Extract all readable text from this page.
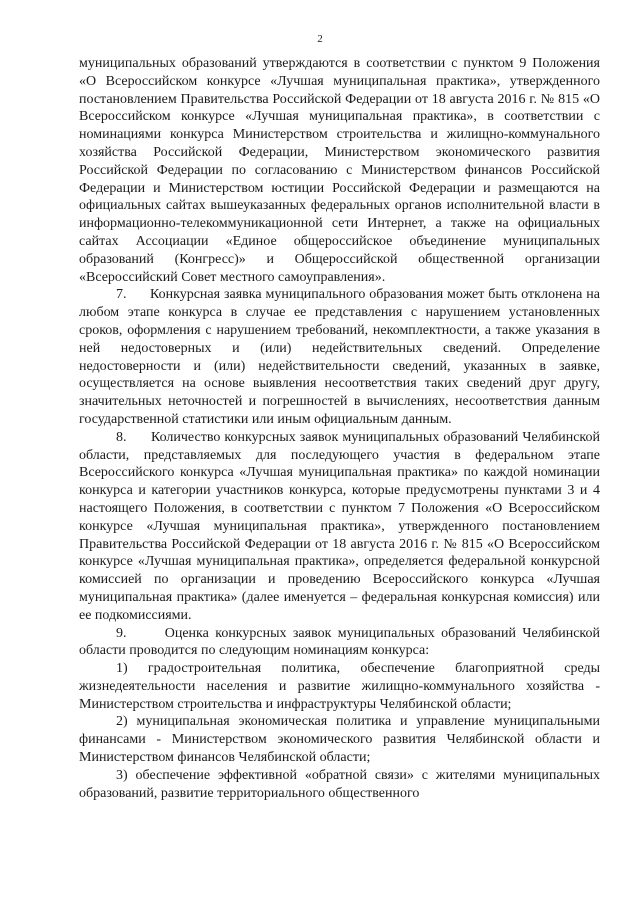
2

муниципальных образований утверждаются в соответствии с пунктом 9 Положения «О Всероссийском конкурсе «Лучшая муниципальная практика», утвержденного постановлением Правительства Российской Федерации от 18 августа 2016 г. № 815 «О Всероссийском конкурсе «Лучшая муниципальная практика», в соответствии с номинациями конкурса Министерством строительства и жилищно-коммунального хозяйства Российской Федерации, Министерством экономического развития Российской Федерации по согласованию с Министерством финансов Российской Федерации и Министерством юстиции Российской Федерации и размещаются на официальных сайтах вышеуказанных федеральных органов исполнительной власти в информационно-телекоммуникационной сети Интернет, а также на официальных сайтах Ассоциации «Единое общероссийское объединение муниципальных образований (Конгресс)» и Общероссийской общественной организации «Всероссийский Совет местного самоуправления».

7.      Конкурсная заявка муниципального образования может быть отклонена на любом этапе конкурса в случае ее представления с нарушением установленных сроков, оформления с нарушением требований, некомплектности, а также указания в ней недостоверных и (или) недействительных сведений. Определение недостоверности и (или) недействительности сведений, указанных в заявке, осуществляется на основе выявления несоответствия таких сведений друг другу, значительных неточностей и погрешностей в вычислениях, несоответствия данным государственной статистики или иным официальным данным.

8.      Количество конкурсных заявок муниципальных образований Челябинской области, представляемых для последующего участия в федеральном этапе Всероссийского конкурса «Лучшая муниципальная практика» по каждой номинации конкурса и категории участников конкурса, которые предусмотрены пунктами 3 и 4 настоящего Положения, в соответствии с пунктом 7 Положения «О Всероссийском конкурсе «Лучшая муниципальная практика», утвержденного постановлением Правительства Российской Федерации от 18 августа 2016 г. № 815 «О Всероссийском конкурсе «Лучшая муниципальная практика», определяется федеральной конкурсной комиссией по организации и проведению Всероссийского конкурса «Лучшая муниципальная практика» (далее именуется – федеральная конкурсная комиссия) или ее подкомиссиями.

9.      Оценка конкурсных заявок муниципальных образований Челябинской области проводится по следующим номинациям конкурса:

1) градостроительная политика, обеспечение благоприятной среды жизнедеятельности населения и развитие жилищно-коммунального хозяйства - Министерством строительства и инфраструктуры Челябинской области;

2) муниципальная экономическая политика и управление муниципальными финансами - Министерством экономического развития Челябинской области и Министерством финансов Челябинской области;

3) обеспечение эффективной «обратной связи» с жителями муниципальных образований, развитие территориального общественного
